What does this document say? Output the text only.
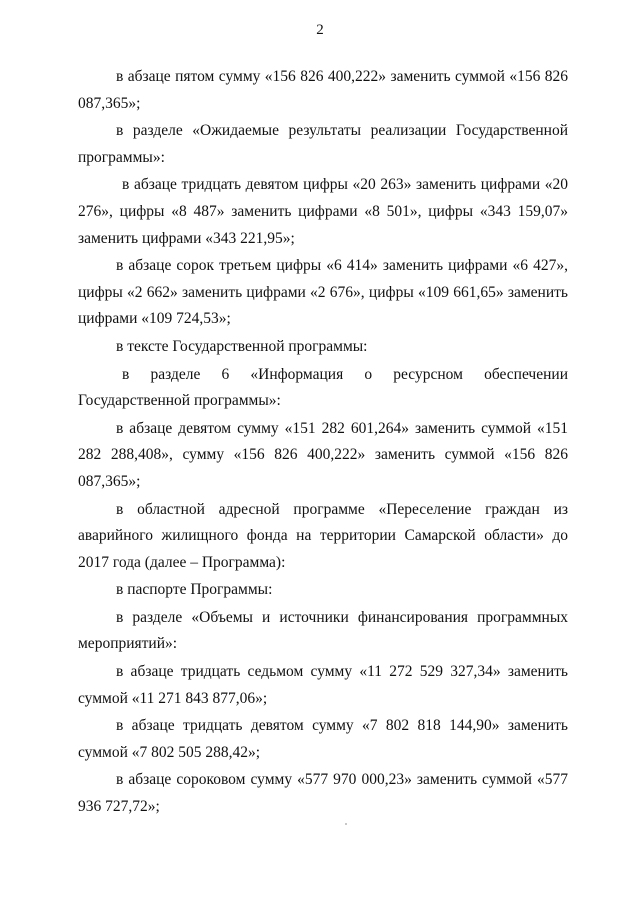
2

в абзаце пятом сумму «156 826 400,222» заменить суммой «156 826 087,365»;

в разделе «Ожидаемые результаты реализации Государственной программы»:

в абзаце тридцать девятом цифры «20 263» заменить цифрами «20 276», цифры «8 487» заменить цифрами «8 501», цифры «343 159,07» заменить цифрами «343 221,95»;

в абзаце сорок третьем цифры «6 414» заменить цифрами «6 427», цифры «2 662» заменить цифрами «2 676», цифры «109 661,65» заменить цифрами «109 724,53»;

в тексте Государственной программы:

в разделе 6 «Информация о ресурсном обеспечении Государственной программы»:

в абзаце девятом сумму «151 282 601,264» заменить суммой «151 282 288,408», сумму «156 826 400,222» заменить суммой «156 826 087,365»;

в областной адресной программе «Переселение граждан из аварийного жилищного фонда на территории Самарской области» до 2017 года (далее – Программа):

в паспорте Программы:

в разделе «Объемы и источники финансирования программных мероприятий»:

в абзаце тридцать седьмом сумму «11 272 529 327,34» заменить суммой «11 271 843 877,06»;

в абзаце тридцать девятом сумму «7 802 818 144,90» заменить суммой «7 802 505 288,42»;

в абзаце сороковом сумму «577 970 000,23» заменить суммой «577 936 727,72»;
